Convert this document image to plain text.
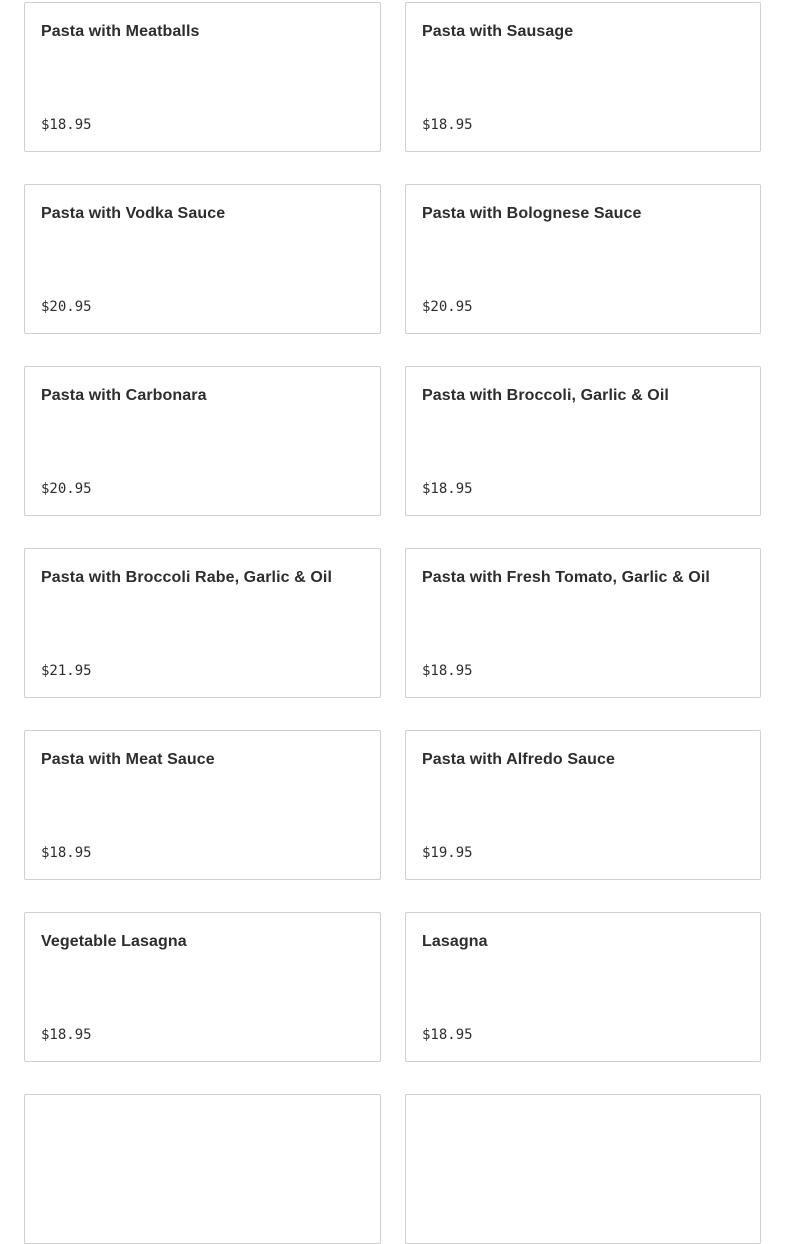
Pasta with Meatballs
$18.95
Pasta with Sausage
$18.95
Pasta with Vodka Sauce
$20.95
Pasta with Bolognese Sauce
$20.95
Pasta with Carbonara
$20.95
Pasta with Broccoli, Garlic & Oil
$18.95
Pasta with Broccoli Rabe, Garlic & Oil
$21.95
Pasta with Fresh Tomato, Garlic & Oil
$18.95
Pasta with Meat Sauce
$18.95
Pasta with Alfredo Sauce
$19.95
Vegetable Lasagna
$18.95
Lasagna
$18.95
